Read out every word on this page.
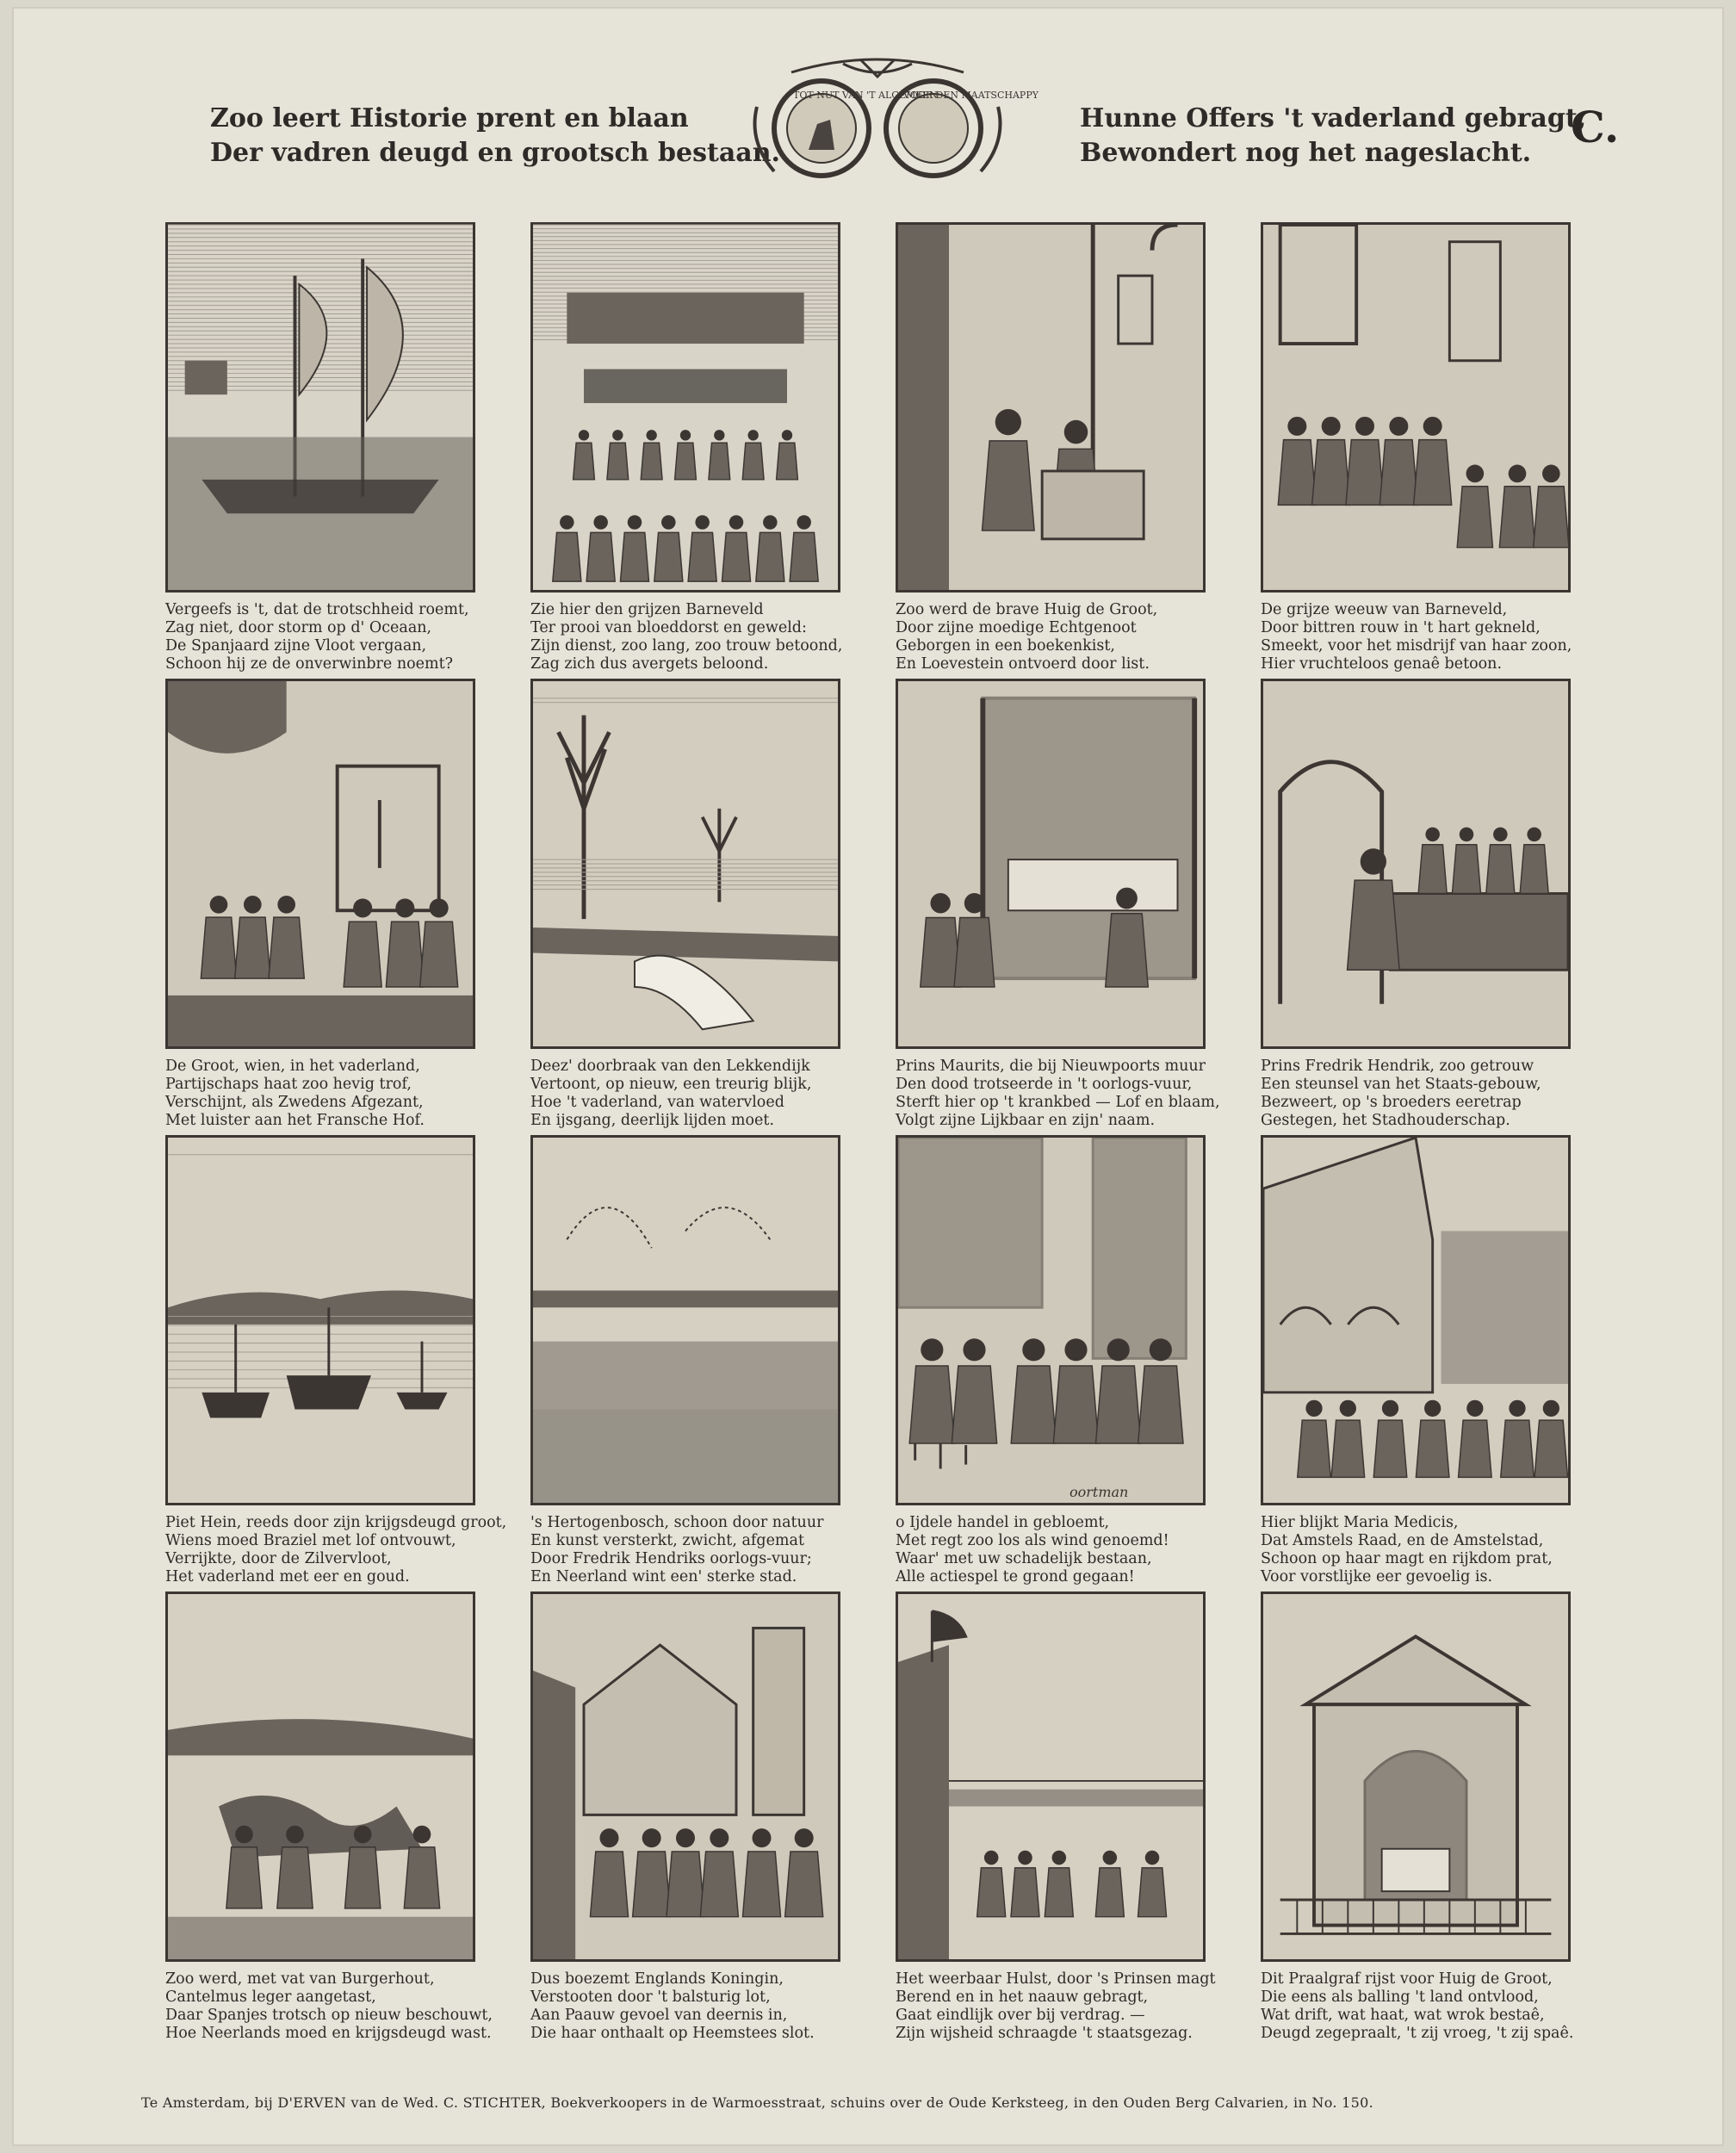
Zoo leert Historie prent en blaan
Der vadren deugd en grootsch bestaan.
TOT NUT VAN 'T ALGEMEEN
VOOR DEN MAATSCHAPPY
Hunne Offers 't vaderland gebragt,
Bewondert nog het nageslacht.
C.
Vergeefs is 't, dat de trotschheid roemt,
Zag niet, door storm op d' Oceaan,
De Spanjaard zijne Vloot vergaan,
Schoon hij ze de onverwinbre noemt?
Zie hier den grijzen Barneveld
Ter prooi van bloeddorst en geweld:
Zijn dienst, zoo lang, zoo trouw betoond,
Zag zich dus avergets beloond.
Zoo werd de brave Huig de Groot,
Door zijne moedige Echtgenoot
Geborgen in een boekenkist,
En Loevestein ontvoerd door list.
De grijze weeuw van Barneveld,
Door bittren rouw in 't hart gekneld,
Smeekt, voor het misdrijf van haar zoon,
Hier vruchteloos genaê betoon.
De Groot, wien, in het vaderland,
Partijschaps haat zoo hevig trof,
Verschijnt, als Zwedens Afgezant,
Met luister aan het Fransche Hof.
Deez' doorbraak van den Lekkendijk
Vertoont, op nieuw, een treurig blijk,
Hoe 't vaderland, van watervloed
En ijsgang, deerlijk lijden moet.
Prins Maurits, die bij Nieuwpoorts muur
Den dood trotseerde in 't oorlogs-vuur,
Sterft hier op 't krankbed — Lof en blaam,
Volgt zijne Lijkbaar en zijn' naam.
Prins Fredrik Hendrik, zoo getrouw
Een steunsel van het Staats-gebouw,
Bezweert, op 's broeders eeretrap
Gestegen, het Stadhouderschap.
Piet Hein, reeds door zijn krijgsdeugd groot,
Wiens moed Braziel met lof ontvouwt,
Verrijkte, door de Zilvervloot,
Het vaderland met eer en goud.
's Hertogenbosch, schoon door natuur
En kunst versterkt, zwicht, afgemat
Door Fredrik Hendriks oorlogs-vuur;
En Neerland wint een' sterke stad.
oortman
o Ijdele handel in gebloemt,
Met regt zoo los als wind genoemd!
Waar' met uw schadelijk bestaan,
Alle actiespel te grond gegaan!
Hier blijkt Maria Medicis,
Dat Amstels Raad, en de Amstelstad,
Schoon op haar magt en rijkdom prat,
Voor vorstlijke eer gevoelig is.
Zoo werd, met vat van Burgerhout,
Cantelmus leger aangetast,
Daar Spanjes trotsch op nieuw beschouwt,
Hoe Neerlands moed en krijgsdeugd wast.
Dus boezemt Englands Koningin,
Verstooten door 't balsturig lot,
Aan Paauw gevoel van deernis in,
Die haar onthaalt op Heemstees slot.
Het weerbaar Hulst, door 's Prinsen magt
Berend en in het naauw gebragt,
Gaat eindlijk over bij verdrag. —
Zijn wijsheid schraagde 't staatsgezag.
Dit Praalgraf rijst voor Huig de Groot,
Die eens als balling 't land ontvlood,
Wat drift, wat haat, wat wrok bestaê,
Deugd zegepraalt, 't zij vroeg, 't zij spaê.
Te Amsterdam, bij D'ERVEN van de Wed. C. STICHTER, Boekverkoopers in de Warmoesstraat, schuins over de Oude Kerksteeg, in den Ouden Berg Calvarien, in No. 150.
